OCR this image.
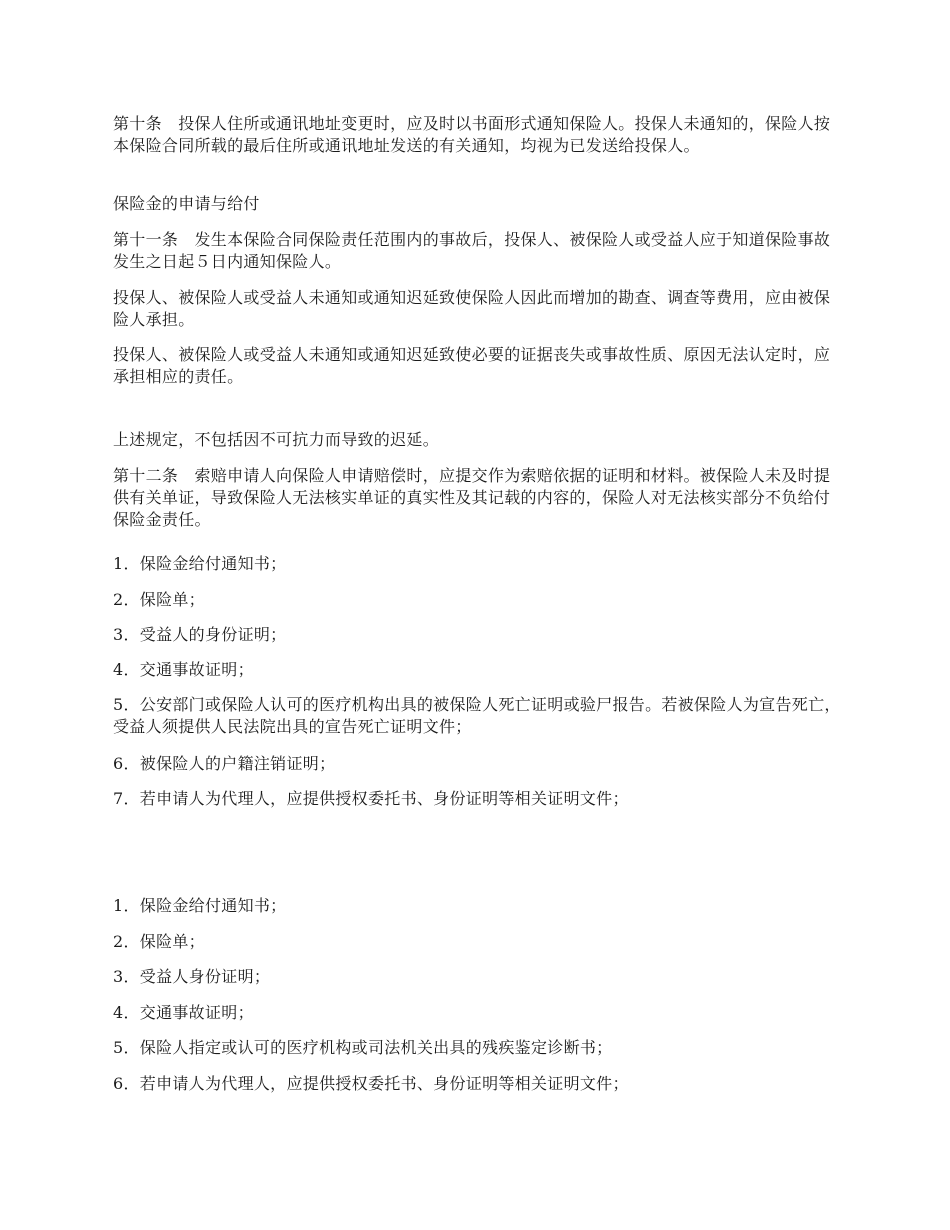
第十条　投保人住所或通讯地址变更时，应及时以书面形式通知保险人。投保人未通知的，保险人按本保险合同所载的最后住所或通讯地址发送的有关通知，均视为已发送给投保人。

保险金的申请与给付

第十一条　发生本保险合同保险责任范围内的事故后，投保人、被保险人或受益人应于知道保险事故发生之日起５日内通知保险人。

投保人、被保险人或受益人未通知或通知迟延致使保险人因此而增加的勘查、调查等费用，应由被保险人承担。

投保人、被保险人或受益人未通知或通知迟延致使必要的证据丧失或事故性质、原因无法认定时，应承担相应的责任。

上述规定，不包括因不可抗力而导致的迟延。

第十二条　索赔申请人向保险人申请赔偿时，应提交作为索赔依据的证明和材料。被保险人未及时提供有关单证，导致保险人无法核实单证的真实性及其记载的内容的，保险人对无法核实部分不负给付保险金责任。

1．保险金给付通知书；

2．保险单；

3．受益人的身份证明；

4．交通事故证明；

5．公安部门或保险人认可的医疗机构出具的被保险人死亡证明或验尸报告。若被保险人为宣告死亡，受益人须提供人民法院出具的宣告死亡证明文件；

6．被保险人的户籍注销证明；

7．若申请人为代理人，应提供授权委托书、身份证明等相关证明文件；

1．保险金给付通知书；

2．保险单；

3．受益人身份证明；

4．交通事故证明；

5．保险人指定或认可的医疗机构或司法机关出具的残疾鉴定诊断书；

6．若申请人为代理人，应提供授权委托书、身份证明等相关证明文件；
